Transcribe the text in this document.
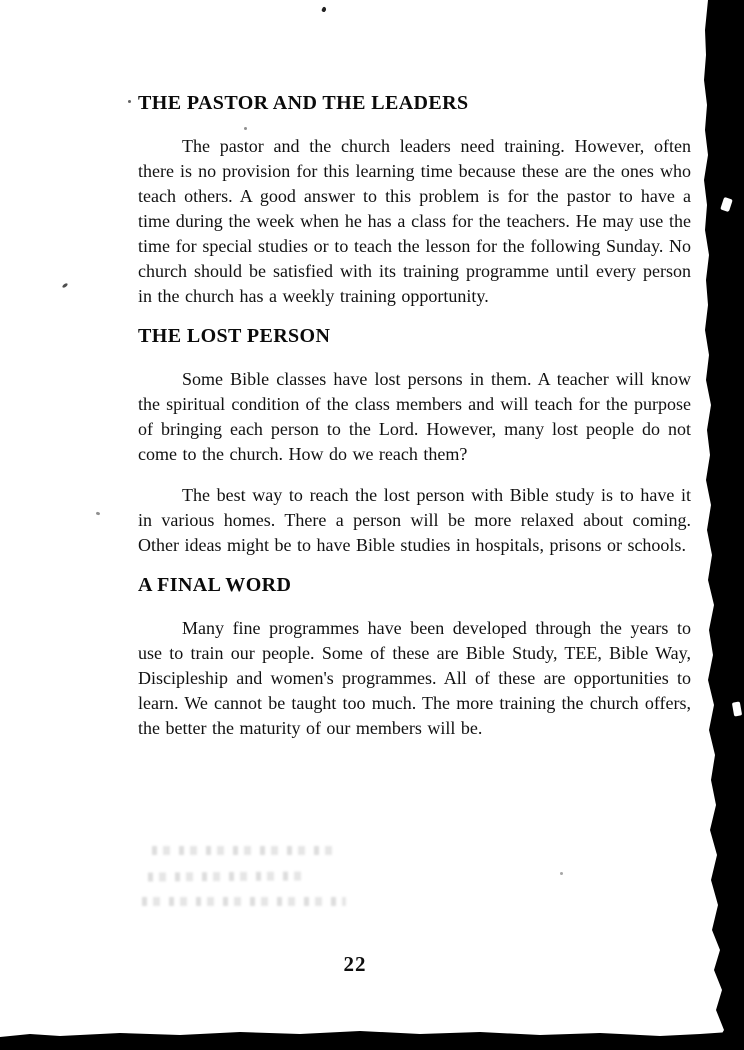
THE PASTOR AND THE LEADERS

The pastor and the church leaders need training. However, often there is no provision for this learning time because these are the ones who teach others. A good answer to this problem is for the pastor to have a time during the week when he has a class for the teachers. He may use the time for special studies or to teach the lesson for the following Sunday. No church should be satisfied with its training programme until every person in the church has a weekly training opportunity.

THE LOST PERSON

Some Bible classes have lost persons in them. A teacher will know the spiritual condition of the class members and will teach for the purpose of bringing each person to the Lord. However, many lost people do not come to the church. How do we reach them?

The best way to reach the lost person with Bible study is to have it in various homes. There a person will be more relaxed about coming. Other ideas might be to have Bible studies in hospitals, prisons or schools.

A FINAL WORD

Many fine programmes have been developed through the years to use to train our people. Some of these are Bible Study, TEE, Bible Way, Discipleship and women's programmes. All of these are opportunities to learn. We cannot be taught too much. The more training the church offers, the better the maturity of our members will be.

22
